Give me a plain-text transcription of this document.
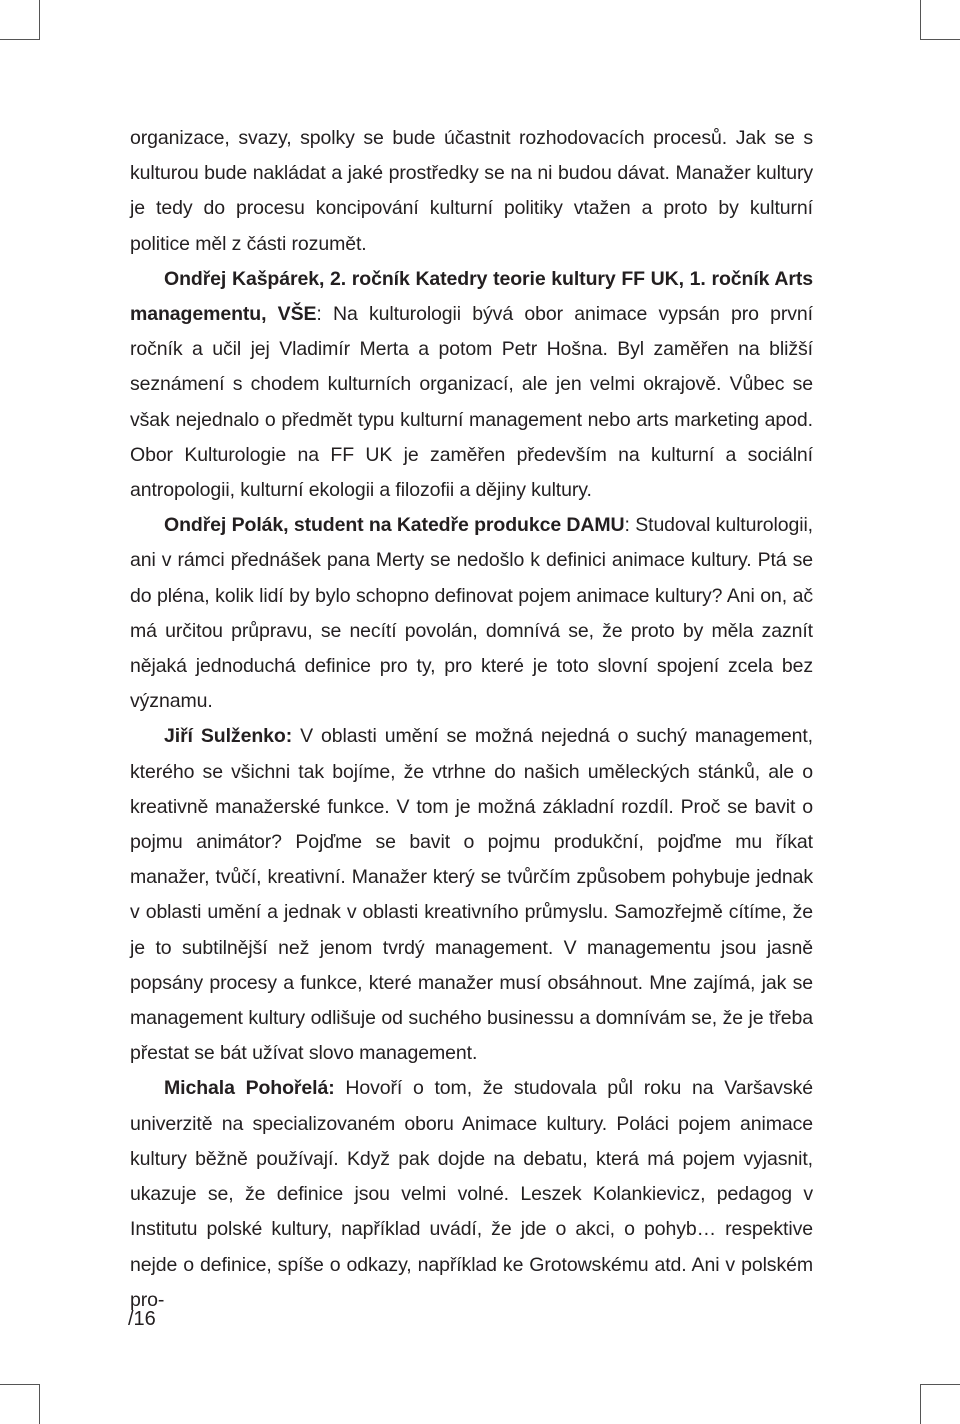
organizace, svazy, spolky se bude účastnit rozhodovacích procesů. Jak se s kulturou bude nakládat a jaké prostředky se na ni budou dávat. Manažer kultury je tedy do procesu koncipování kulturní politiky vtažen a proto by kulturní politice měl z části rozumět.

Ondřej Kašpárek, 2. ročník Katedry teorie kultury FF UK, 1. ročník Arts managementu, VŠE: Na kulturologii bývá obor animace vypsán pro první ročník a učil jej Vladimír Merta a potom Petr Hošna. Byl zaměřen na bližší seznámení s chodem kulturních organizací, ale jen velmi okrajově. Vůbec se však nejednalo o předmět typu kulturní management nebo arts marketing apod. Obor Kulturologie na FF UK je zaměřen především na kulturní a sociální antropologii, kulturní ekologii a filozofii a dějiny kultury.

Ondřej Polák, student na Katedře produkce DAMU: Studoval kulturologii, ani v rámci přednášek pana Merty se nedošlo k definici animace kultury. Ptá se do pléna, kolik lidí by bylo schopno definovat pojem animace kultury? Ani on, ač má určitou průpravu, se necítí povolán, domnívá se, že proto by měla zaznít nějaká jednoduchá definice pro ty, pro které je toto slovní spojení zcela bez významu.

Jiří Sulženko: V oblasti umění se možná nejedná o suchý management, kterého se všichni tak bojíme, že vtrhne do našich uměleckých stánků, ale o kreativně manažerské funkce. V tom je možná základní rozdíl. Proč se bavit o pojmu animátor? Pojďme se bavit o pojmu produkční, pojďme mu říkat manažer, tvůčí, kreativní. Manažer který se tvůrčím způsobem pohybuje jednak v oblasti umění a jednak v oblasti kreativního průmyslu. Samozřejmě cítíme, že je to subtilnější než jenom tvrdý management. V managementu jsou jasně popsány procesy a funkce, které manažer musí obsáhnout. Mne zajímá, jak se management kultury odlišuje od suchého businessu a domnívám se, že je třeba přestat se bát užívat slovo management.

Michala Pohořelá: Hovoří o tom, že studovala půl roku na Varšavské univerzitě na specializovaném oboru Animace kultury. Poláci pojem animace kultury běžně používají. Když pak dojde na debatu, která má pojem vyjasnit, ukazuje se, že definice jsou velmi volné. Leszek Kolankievicz, pedagog v Institutu polské kultury, například uvádí, že jde o akci, o pohyb… respektive nejde o definice, spíše o odkazy, například ke Grotowskému atd. Ani v polském pro-

/16
